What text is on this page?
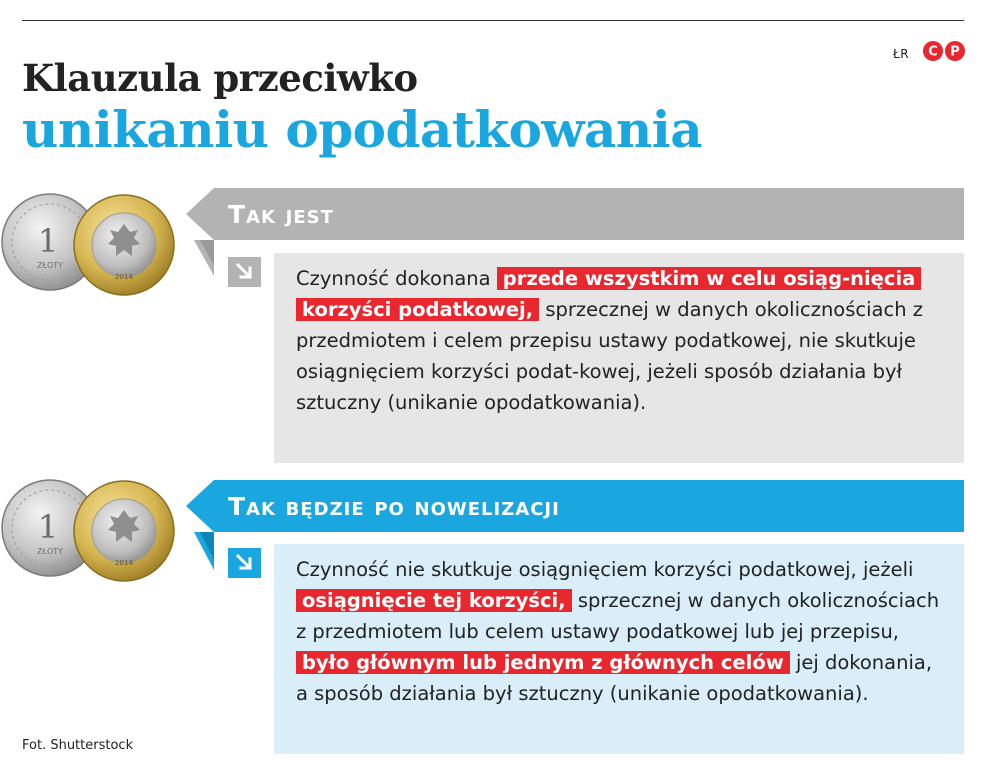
ŁR C P
Klauzula przeciwko
unikaniu opodatkowania
1
ZŁOTY
2014
Tak jest

Czynność dokonana przede wszystkim w celu osiąg-nięcia korzyści podatkowej, sprzecznej w danych okolicznościach z przedmiotem i celem przepisu ustawy podatkowej, nie skutkuje osiągnięciem korzyści podat-kowej, jeżeli sposób działania był sztuczny (unikanie opodatkowania).

1
ZŁOTY
2014
Tak będzie po nowelizacji

Czynność nie skutkuje osiągnięciem korzyści podatkowej, jeżeli osiągnięcie tej korzyści, sprzecznej w danych okolicznościach z przedmiotem lub celem ustawy podatkowej lub jej przepisu, było głównym lub jednym z głównych celów jej dokonania, a sposób działania był sztuczny (unikanie opodatkowania).

Fot. Shutterstock
